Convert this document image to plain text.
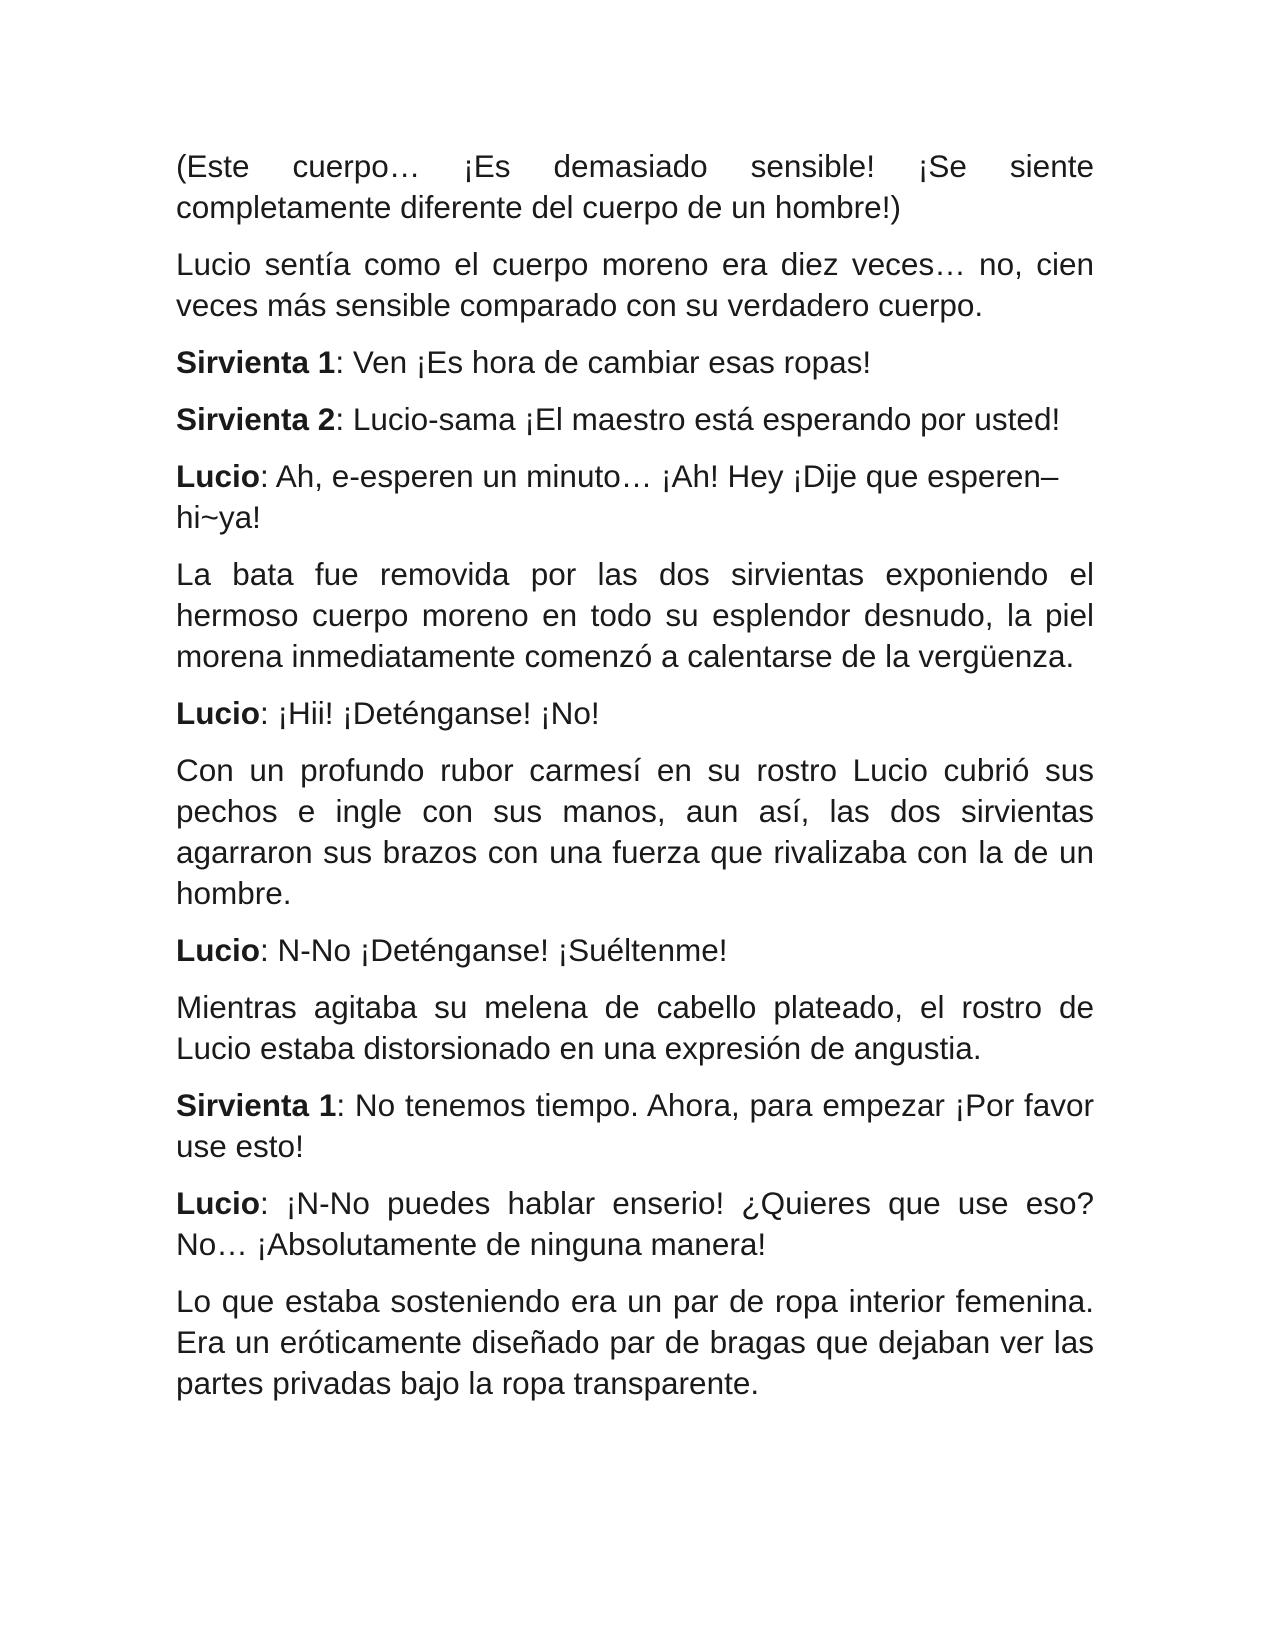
(Este cuerpo… ¡Es demasiado sensible! ¡Se siente completamente diferente del cuerpo de un hombre!)

Lucio sentía como el cuerpo moreno era diez veces… no, cien veces más sensible comparado con su verdadero cuerpo.

Sirvienta 1: Ven ¡Es hora de cambiar esas ropas!

Sirvienta 2: Lucio-sama ¡El maestro está esperando por usted!

Lucio: Ah, e-esperen un minuto… ¡Ah! Hey ¡Dije que esperen–hi~ya!

La bata fue removida por las dos sirvientas exponiendo el hermoso cuerpo moreno en todo su esplendor desnudo, la piel morena inmediatamente comenzó a calentarse de la vergüenza.

Lucio: ¡Hii! ¡Deténganse! ¡No!

Con un profundo rubor carmesí en su rostro Lucio cubrió sus pechos e ingle con sus manos, aun así, las dos sirvientas agarraron sus brazos con una fuerza que rivalizaba con la de un hombre.

Lucio: N-No ¡Deténganse! ¡Suéltenme!

Mientras agitaba su melena de cabello plateado, el rostro de Lucio estaba distorsionado en una expresión de angustia.

Sirvienta 1: No tenemos tiempo. Ahora, para empezar ¡Por favor use esto!

Lucio: ¡N-No puedes hablar enserio! ¿Quieres que use eso? No… ¡Absolutamente de ninguna manera!

Lo que estaba sosteniendo era un par de ropa interior femenina. Era un eróticamente diseñado par de bragas que dejaban ver las partes privadas bajo la ropa transparente.
